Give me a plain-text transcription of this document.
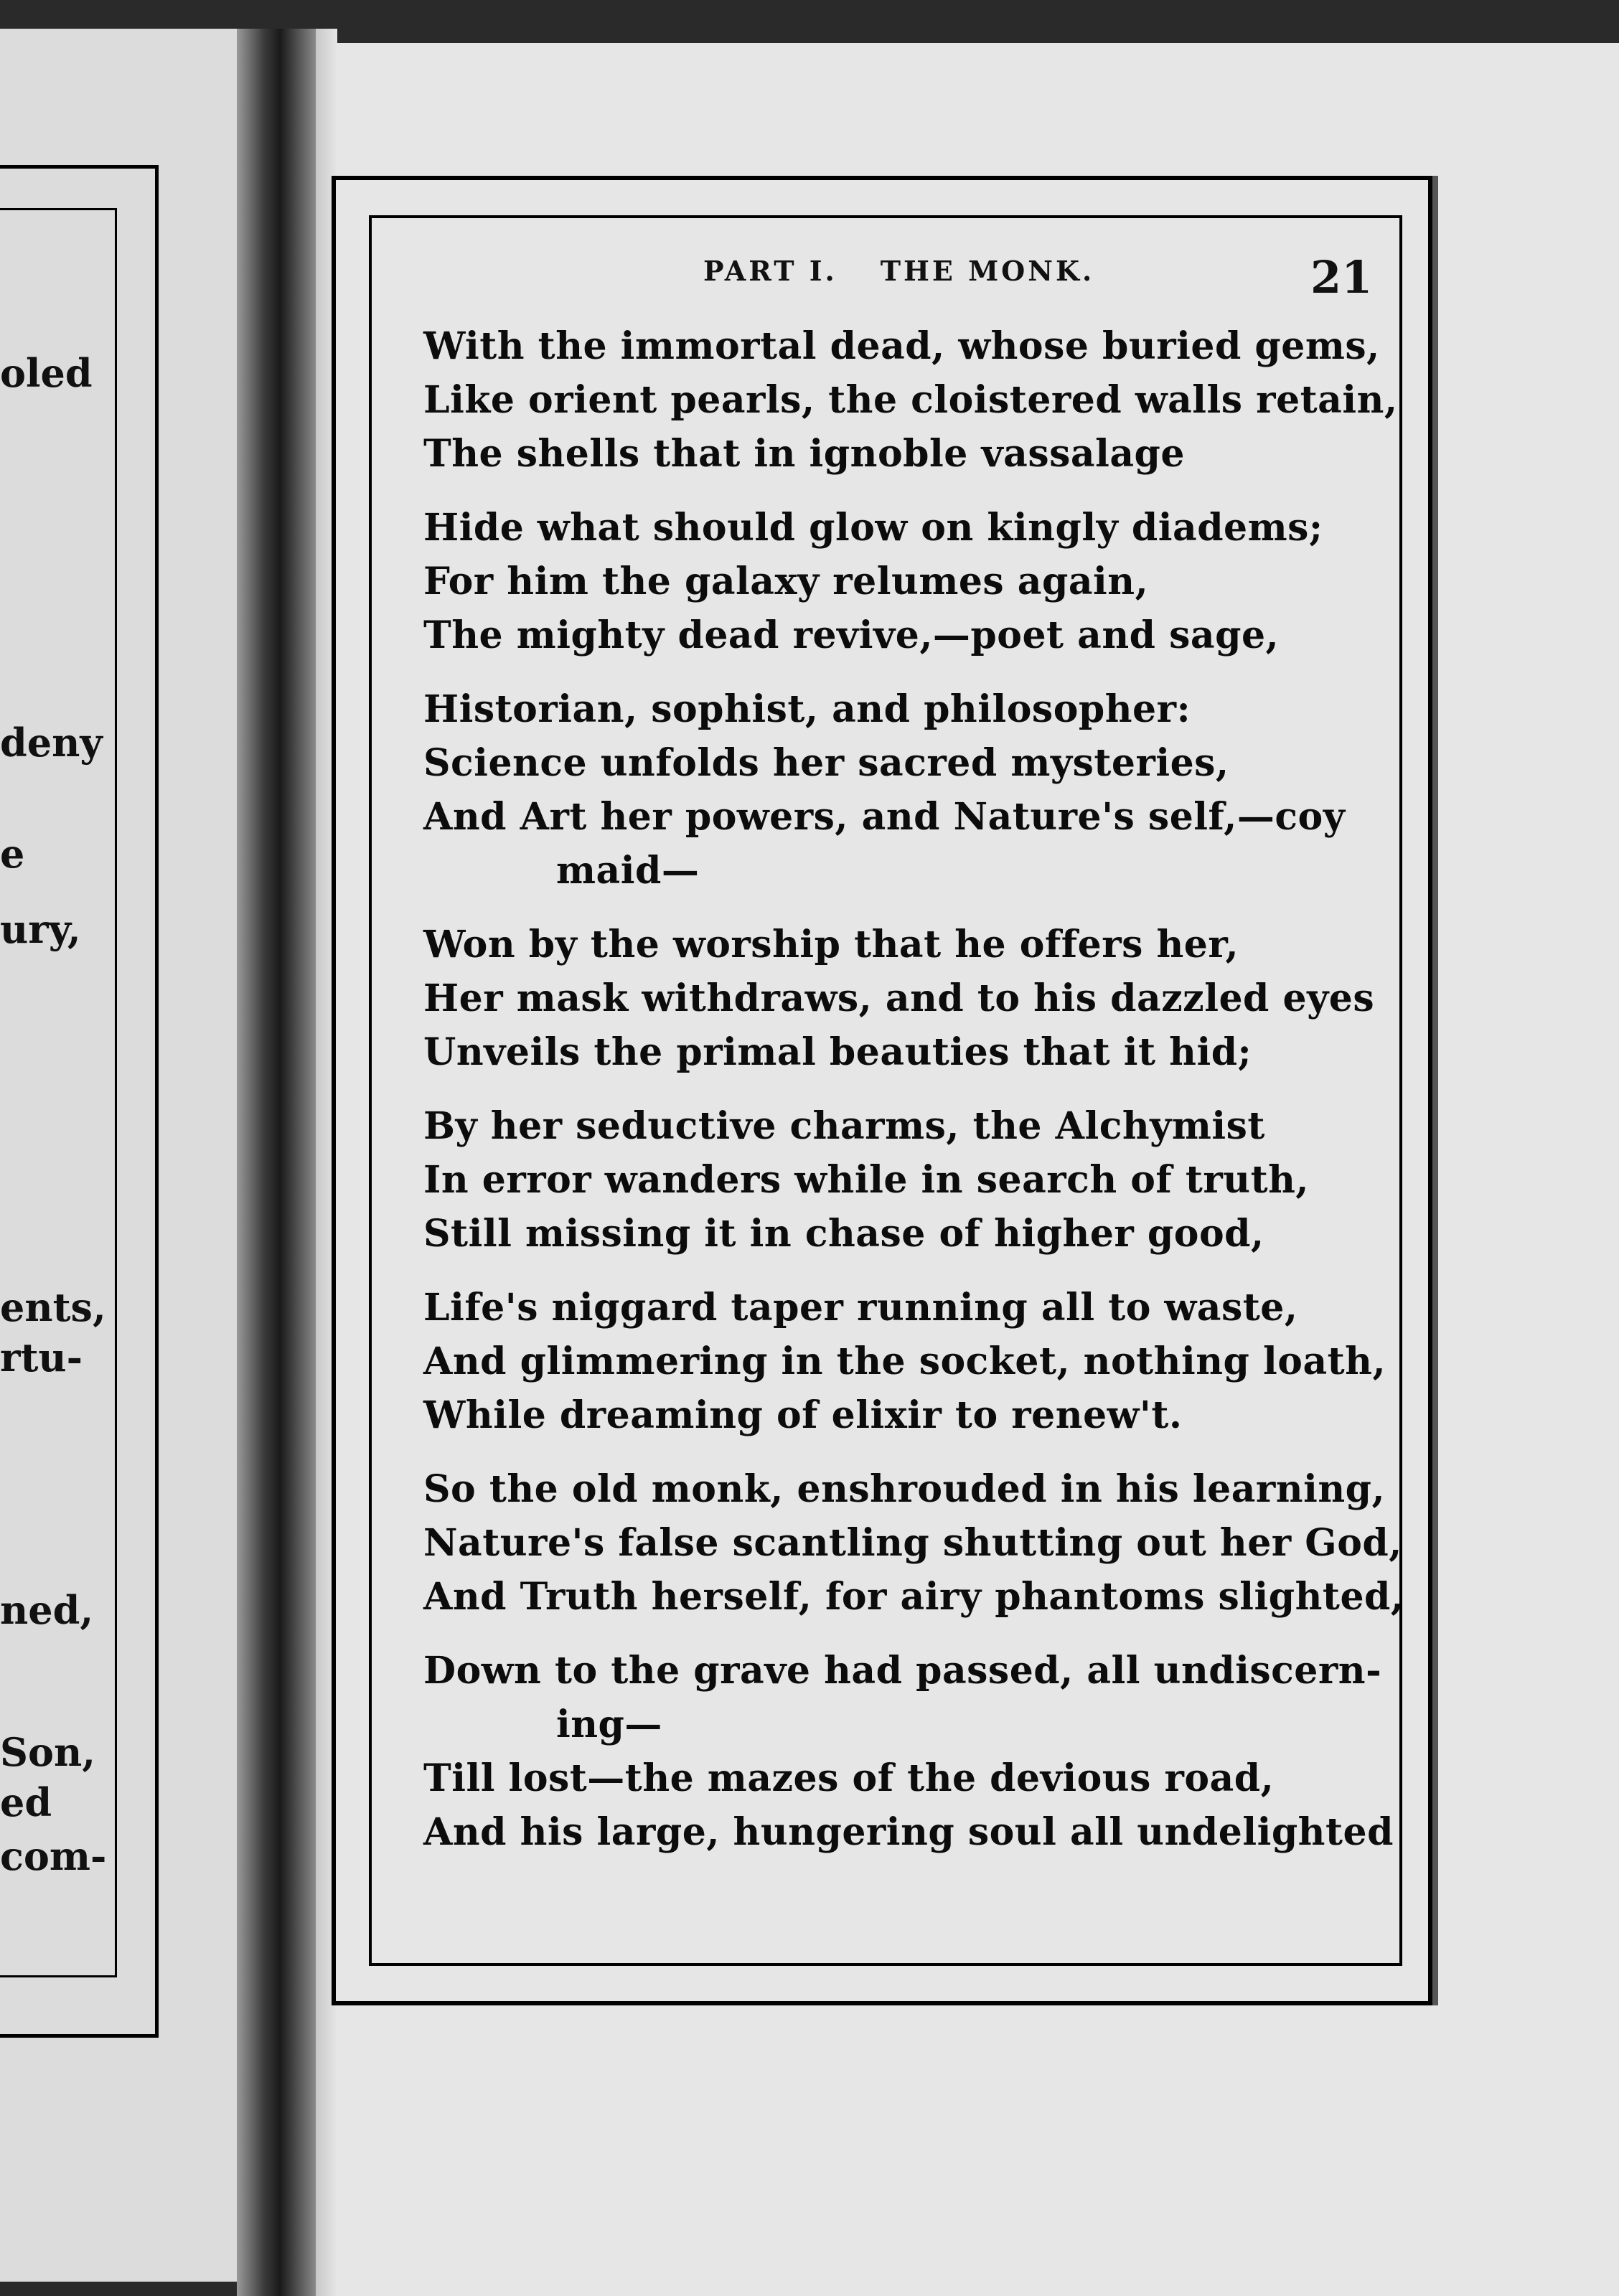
oled
deny
e
ury,
ents,
rtu-
ned,
Son,
ed
com-
PART I. THE MONK.	21
With the immortal dead, whose buried gems,
Like orient pearls, the cloistered walls retain,
The shells that in ignoble vassalage
Hide what should glow on kingly diadems;
For him the galaxy relumes again,
The mighty dead revive,—poet and sage,
Historian, sophist, and philosopher:
Science unfolds her sacred mysteries,
And Art her powers, and Nature's self,—coy
maid—
Won by the worship that he offers her,
Her mask withdraws, and to his dazzled eyes
Unveils the primal beauties that it hid;
By her seductive charms, the Alchymist
In error wanders while in search of truth,
Still missing it in chase of higher good,
Life's niggard taper running all to waste,
And glimmering in the socket, nothing loath,
While dreaming of elixir to renew't.
So the old monk, enshrouded in his learning,
Nature's false scantling shutting out her God,
And Truth herself, for airy phantoms slighted,
Down to the grave had passed, all undiscern-
ing—
Till lost—the mazes of the devious road,
And his large, hungering soul all undelighted
